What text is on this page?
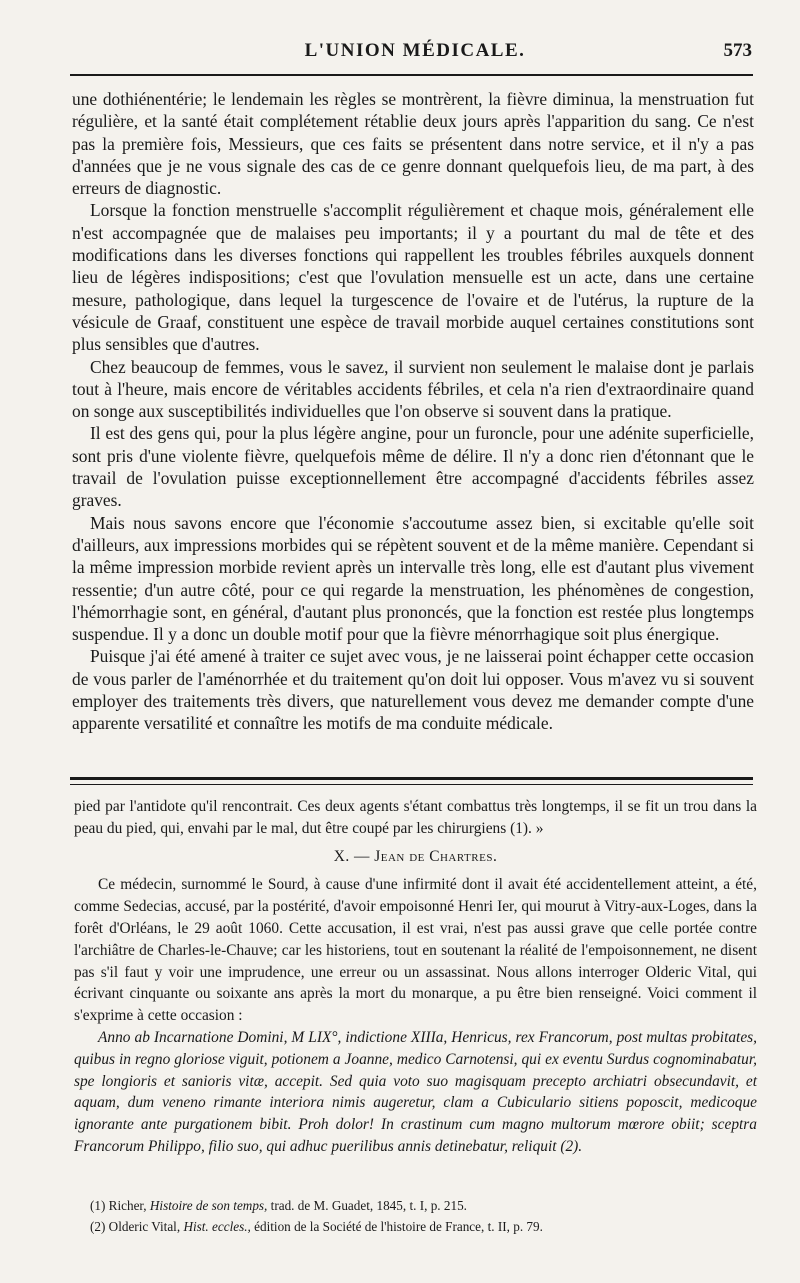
L'UNION MÉDICALE.	573

une dothiénentérie; le lendemain les règles se montrèrent, la fièvre diminua, la menstruation fut régulière, et la santé était complétement rétablie deux jours après l'apparition du sang. Ce n'est pas la première fois, Messieurs, que ces faits se présentent dans notre service, et il n'y a pas d'années que je ne vous signale des cas de ce genre donnant quelquefois lieu, de ma part, à des erreurs de diagnostic.

Lorsque la fonction menstruelle s'accomplit régulièrement et chaque mois, généralement elle n'est accompagnée que de malaises peu importants; il y a pourtant du mal de tête et des modifications dans les diverses fonctions qui rappellent les troubles fébriles auxquels donnent lieu de légères indispositions; c'est que l'ovulation mensuelle est un acte, dans une certaine mesure, pathologique, dans lequel la turgescence de l'ovaire et de l'utérus, la rupture de la vésicule de Graaf, constituent une espèce de travail morbide auquel certaines constitutions sont plus sensibles que d'autres.

Chez beaucoup de femmes, vous le savez, il survient non seulement le malaise dont je parlais tout à l'heure, mais encore de véritables accidents fébriles, et cela n'a rien d'extraordinaire quand on songe aux susceptibilités individuelles que l'on observe si souvent dans la pratique.

Il est des gens qui, pour la plus légère angine, pour un furoncle, pour une adénite superficielle, sont pris d'une violente fièvre, quelquefois même de délire. Il n'y a donc rien d'étonnant que le travail de l'ovulation puisse exceptionnellement être accompagné d'accidents fébriles assez graves.

Mais nous savons encore que l'économie s'accoutume assez bien, si excitable qu'elle soit d'ailleurs, aux impressions morbides qui se répètent souvent et de la même manière. Cependant si la même impression morbide revient après un intervalle très long, elle est d'autant plus vivement ressentie; d'un autre côté, pour ce qui regarde la menstruation, les phénomènes de congestion, l'hémorrhagie sont, en général, d'autant plus prononcés, que la fonction est restée plus longtemps suspendue. Il y a donc un double motif pour que la fièvre ménorrhagique soit plus énergique.

Puisque j'ai été amené à traiter ce sujet avec vous, je ne laisserai point échapper cette occasion de vous parler de l'aménorrhée et du traitement qu'on doit lui opposer. Vous m'avez vu si souvent employer des traitements très divers, que naturellement vous devez me demander compte d'une apparente versatilité et connaître les motifs de ma conduite médicale.

pied par l'antidote qu'il rencontrait. Ces deux agents s'étant combattus très longtemps, il se fit un trou dans la peau du pied, qui, envahi par le mal, dut être coupé par les chirurgiens (1). »

X. — Jean de Chartres.

Ce médecin, surnommé le Sourd, à cause d'une infirmité dont il avait été accidentellement atteint, a été, comme Sedecias, accusé, par la postérité, d'avoir empoisonné Henri Ier, qui mourut à Vitry-aux-Loges, dans la forêt d'Orléans, le 29 août 1060. Cette accusation, il est vrai, n'est pas aussi grave que celle portée contre l'archiâtre de Charles-le-Chauve; car les historiens, tout en soutenant la réalité de l'empoisonnement, ne disent pas s'il faut y voir une imprudence, une erreur ou un assassinat. Nous allons interroger Olderic Vital, qui écrivant cinquante ou soixante ans après la mort du monarque, a pu être bien renseigné. Voici comment il s'exprime à cette occasion :

Anno ab Incarnatione Domini, M LIX°, indictione XIIIa, Henricus, rex Francorum, post multas probitates, quibus in regno gloriose viguit, potionem a Joanne, medico Carnotensi, qui ex eventu Surdus cognominabatur, spe longioris et sanioris vitæ, accepit. Sed quia voto suo magisquam precepto archiatri obsecundavit, et aquam, dum veneno rimante interiora nimis augeretur, clam a Cubiculario sitiens poposcit, medicoque ignorante ante purgationem bibit. Proh dolor! In crastinum cum magno multorum mœrore obiit; sceptra Francorum Philippo, filio suo, qui adhuc puerilibus annis detinebatur, reliquit (2).

(1) Richer, Histoire de son temps, trad. de M. Guadet, 1845, t. I, p. 215.

(2) Olderic Vital, Hist. eccles., édition de la Société de l'histoire de France, t. II, p. 79.
